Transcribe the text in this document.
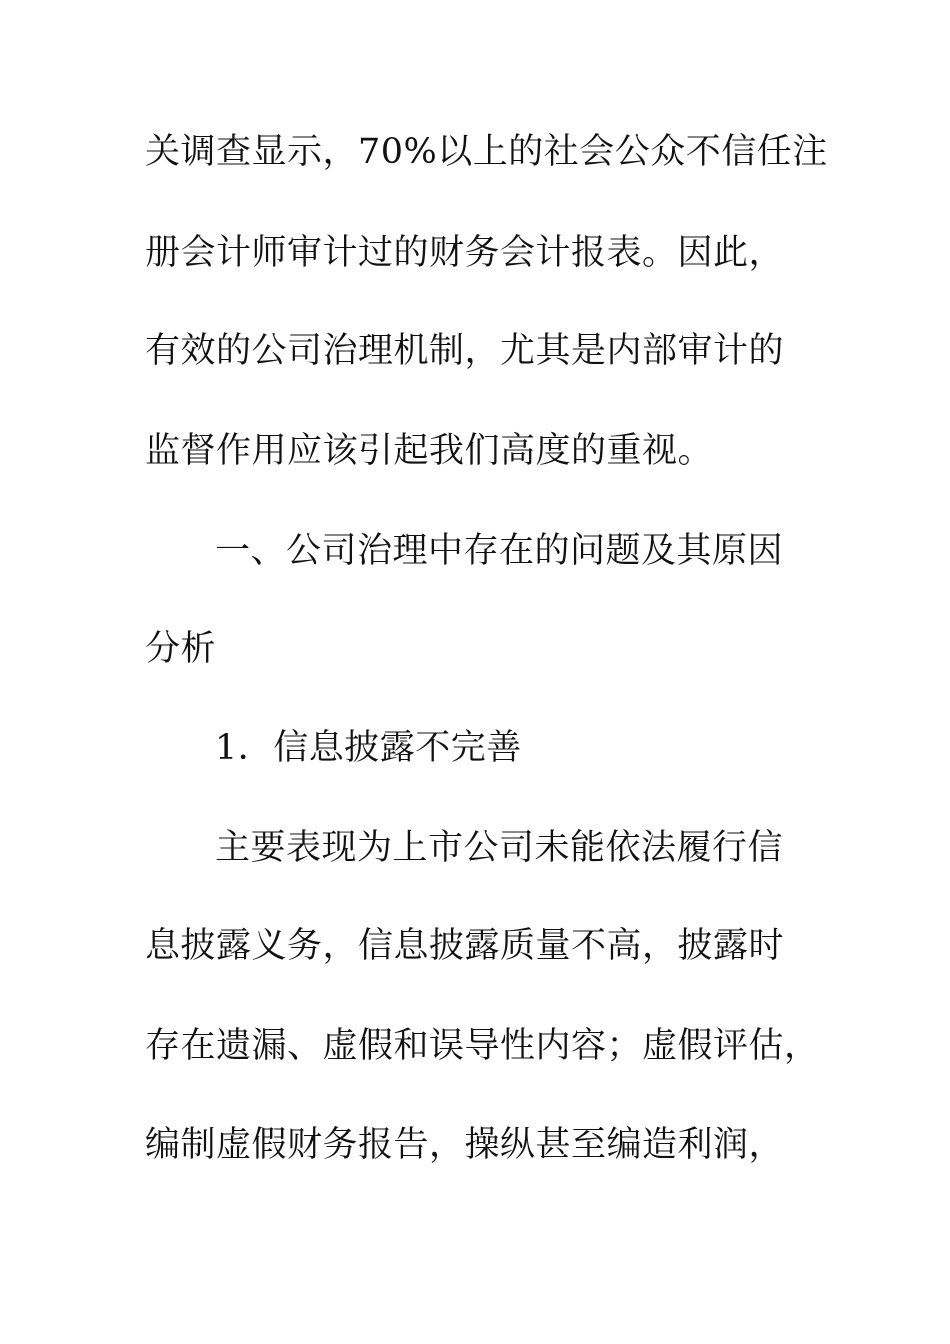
关调查显示，70%以上的社会公众不信任注

册会计师审计过的财务会计报表。因此，

有效的公司治理机制，尤其是内部审计的

监督作用应该引起我们高度的重视。

一、公司治理中存在的问题及其原因

分析

1．信息披露不完善

主要表现为上市公司未能依法履行信

息披露义务，信息披露质量不高，披露时

存在遗漏、虚假和误导性内容；虚假评估，

编制虚假财务报告，操纵甚至编造利润，
